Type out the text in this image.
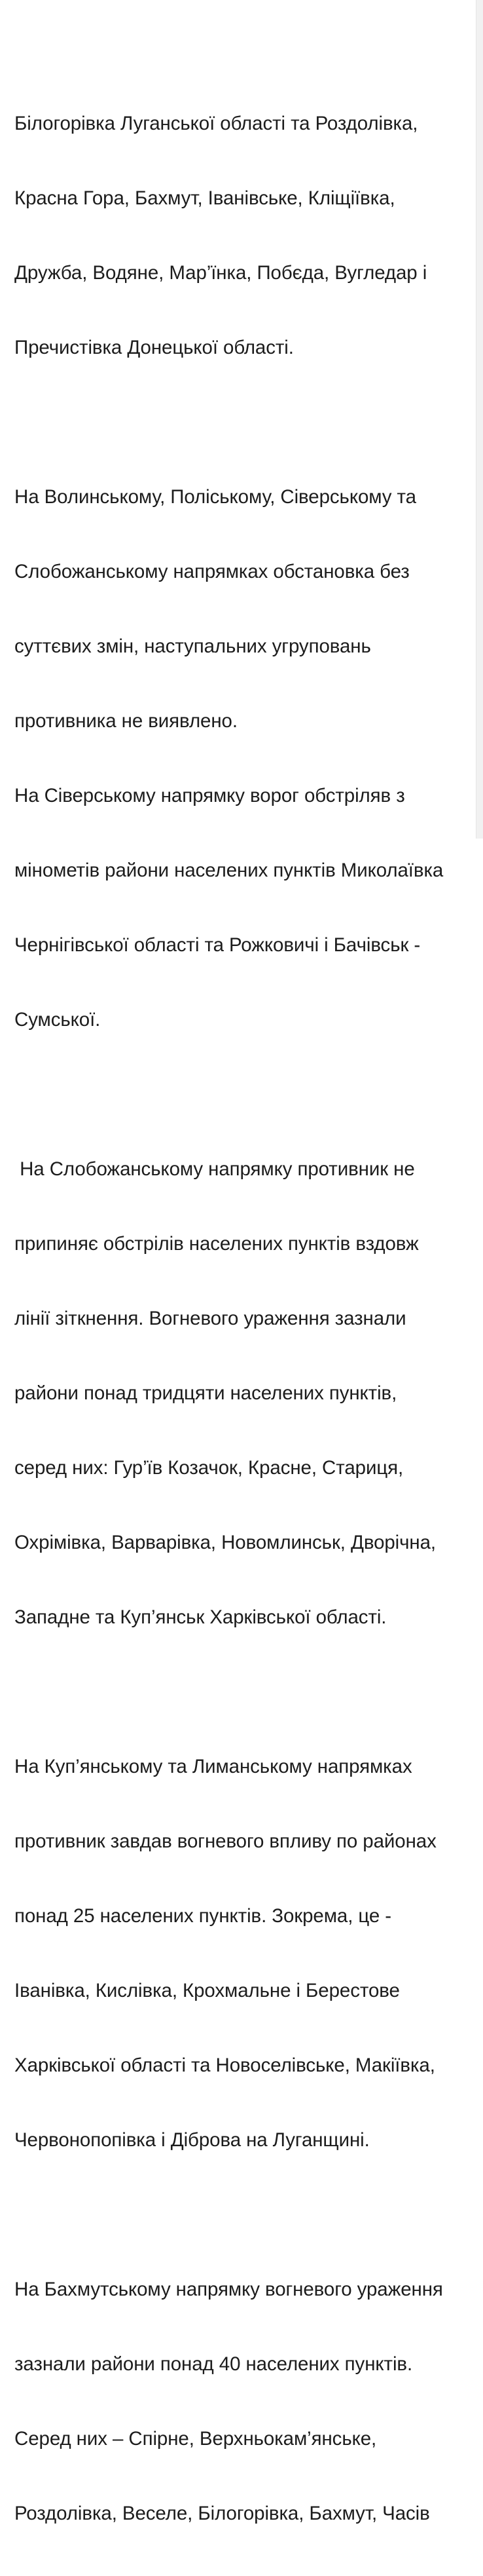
Білогорівка Луганської області та Роздолівка,

Красна Гора, Бахмут, Іванівське, Кліщіївка,

Дружба, Водяне, Мар’їнка, Побєда, Вугледар і

Пречистівка Донецької області.

На Волинському, Поліському, Сіверському та

Слобожанському напрямках обстановка без

суттєвих змін, наступальних угруповань

противника не виявлено.

На Сіверському напрямку ворог обстріляв з

мінометів райони населених пунктів Миколаївка

Чернігівської області та Рожковичі і Бачівськ -

Сумської.

На Слобожанському напрямку противник не

припиняє обстрілів населених пунктів вздовж

лінії зіткнення. Вогневого ураження зазнали

райони понад тридцяти населених пунктів,

серед них: Гур’їв Козачок, Красне, Стариця,

Охрімівка, Варварівка, Новомлинськ, Дворічна,

Западне та Куп’янськ Харківської області.

На Куп’янському та Лиманському напрямках

противник завдав вогневого впливу по районах

понад 25 населених пунктів. Зокрема, це -

Іванівка, Кислівка, Крохмальне і Берестове

Харківської області та Новоселівське, Макіївка,

Червонопопівка і Діброва на Луганщині.

На Бахмутському напрямку вогневого ураження

зазнали райони понад 40 населених пунктів.

Серед них – Спірне, Верхньокам’янське,

Роздолівка, Веселе, Білогорівка, Бахмут, Часів
